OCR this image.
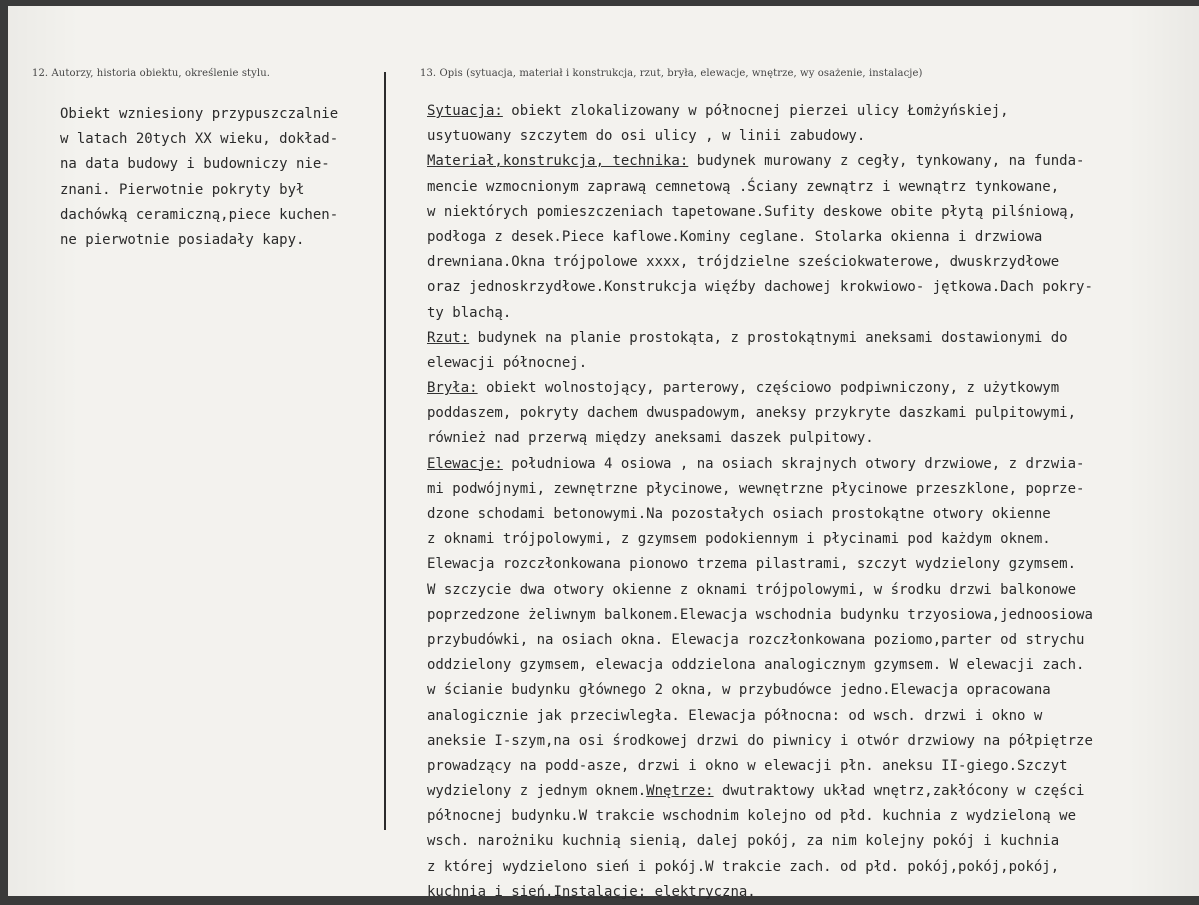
12. Autorzy, historia obiektu, określenie stylu.	13. Opis (sytuacja, materiał i konstrukcja, rzut, bryła, elewacje, wnętrze, wy osażenie, instalacje)
Obiekt wzniesiony przypuszczalnie
w latach 20tych XX wieku, dokład-
na data budowy i budowniczy nie-
znani. Pierwotnie pokryty był
dachówką ceramiczną,piece kuchen-
ne pierwotnie posiadały kapy.
Sytuacja: obiekt zlokalizowany w północnej pierzei ulicy Łomżyńskiej,
usytuowany szczytem do osi ulicy , w linii zabudowy.
Materiał,konstrukcja, technika: budynek murowany z cegły, tynkowany, na funda-
mencie wzmocnionym zaprawą cemnetową .Ściany zewnątrz i wewnątrz tynkowane,
w niektórych pomieszczeniach tapetowane.Sufity deskowe obite płytą pilśniową,
podłoga z desek.Piece kaflowe.Kominy ceglane. Stolarka okienna i drzwiowa
drewniana.Okna trójpolowe xxxx, trójdzielne sześciokwaterowe, dwuskrzydłowe
oraz jednoskrzydłowe.Konstrukcja więźby dachowej krokwiowo- jętkowa.Dach pokry-
ty blachą.
Rzut: budynek na planie prostokąta, z prostokątnymi aneksami dostawionymi do
elewacji północnej.
Bryła: obiekt wolnostojący, parterowy, częściowo podpiwniczony, z użytkowym
poddaszem, pokryty dachem dwuspadowym, aneksy przykryte daszkami pulpitowymi,
również nad przerwą między aneksami daszek pulpitowy.
Elewacje: południowa 4 osiowa , na osiach skrajnych otwory drzwiowe, z drzwia-
mi podwójnymi, zewnętrzne płycinowe, wewnętrzne płycinowe przeszklone, poprze-
dzone schodami betonowymi.Na pozostałych osiach prostokątne otwory okienne
z oknami trójpolowymi, z gzymsem podokiennym i płycinami pod każdym oknem.
Elewacja rozczłonkowana pionowo trzema pilastrami, szczyt wydzielony gzymsem.
W szczycie dwa otwory okienne z oknami trójpolowymi, w środku drzwi balkonowe
poprzedzone żeliwnym balkonem.Elewacja wschodnia budynku trzyosiowa,jednoosiowa
przybudówki, na osiach okna. Elewacja rozczłonkowana poziomo,parter od strychu
oddzielony gzymsem, elewacja oddzielona analogicznym gzymsem. W elewacji zach.
w ścianie budynku głównego 2 okna, w przybudówce jedno.Elewacja opracowana
analogicznie jak przeciwległa. Elewacja północna: od wsch. drzwi i okno w
aneksie I-szym,na osi środkowej drzwi do piwnicy i otwór drzwiowy na półpiętrze
prowadzący na podd-asze, drzwi i okno w elewacji płn. aneksu II-giego.Szczyt
wydzielony z jednym oknem.Wnętrze: dwutraktowy układ wnętrz,zakłócony w części
północnej budynku.W trakcie wschodnim kolejno od płd. kuchnia z wydzieloną we
wsch. narożniku kuchnią sienią, dalej pokój, za nim kolejny pokój i kuchnia
z której wydzielono sień i pokój.W trakcie zach. od płd. pokój,pokój,pokój,
kuchnia i sień.Instalacje: elektryczna.
